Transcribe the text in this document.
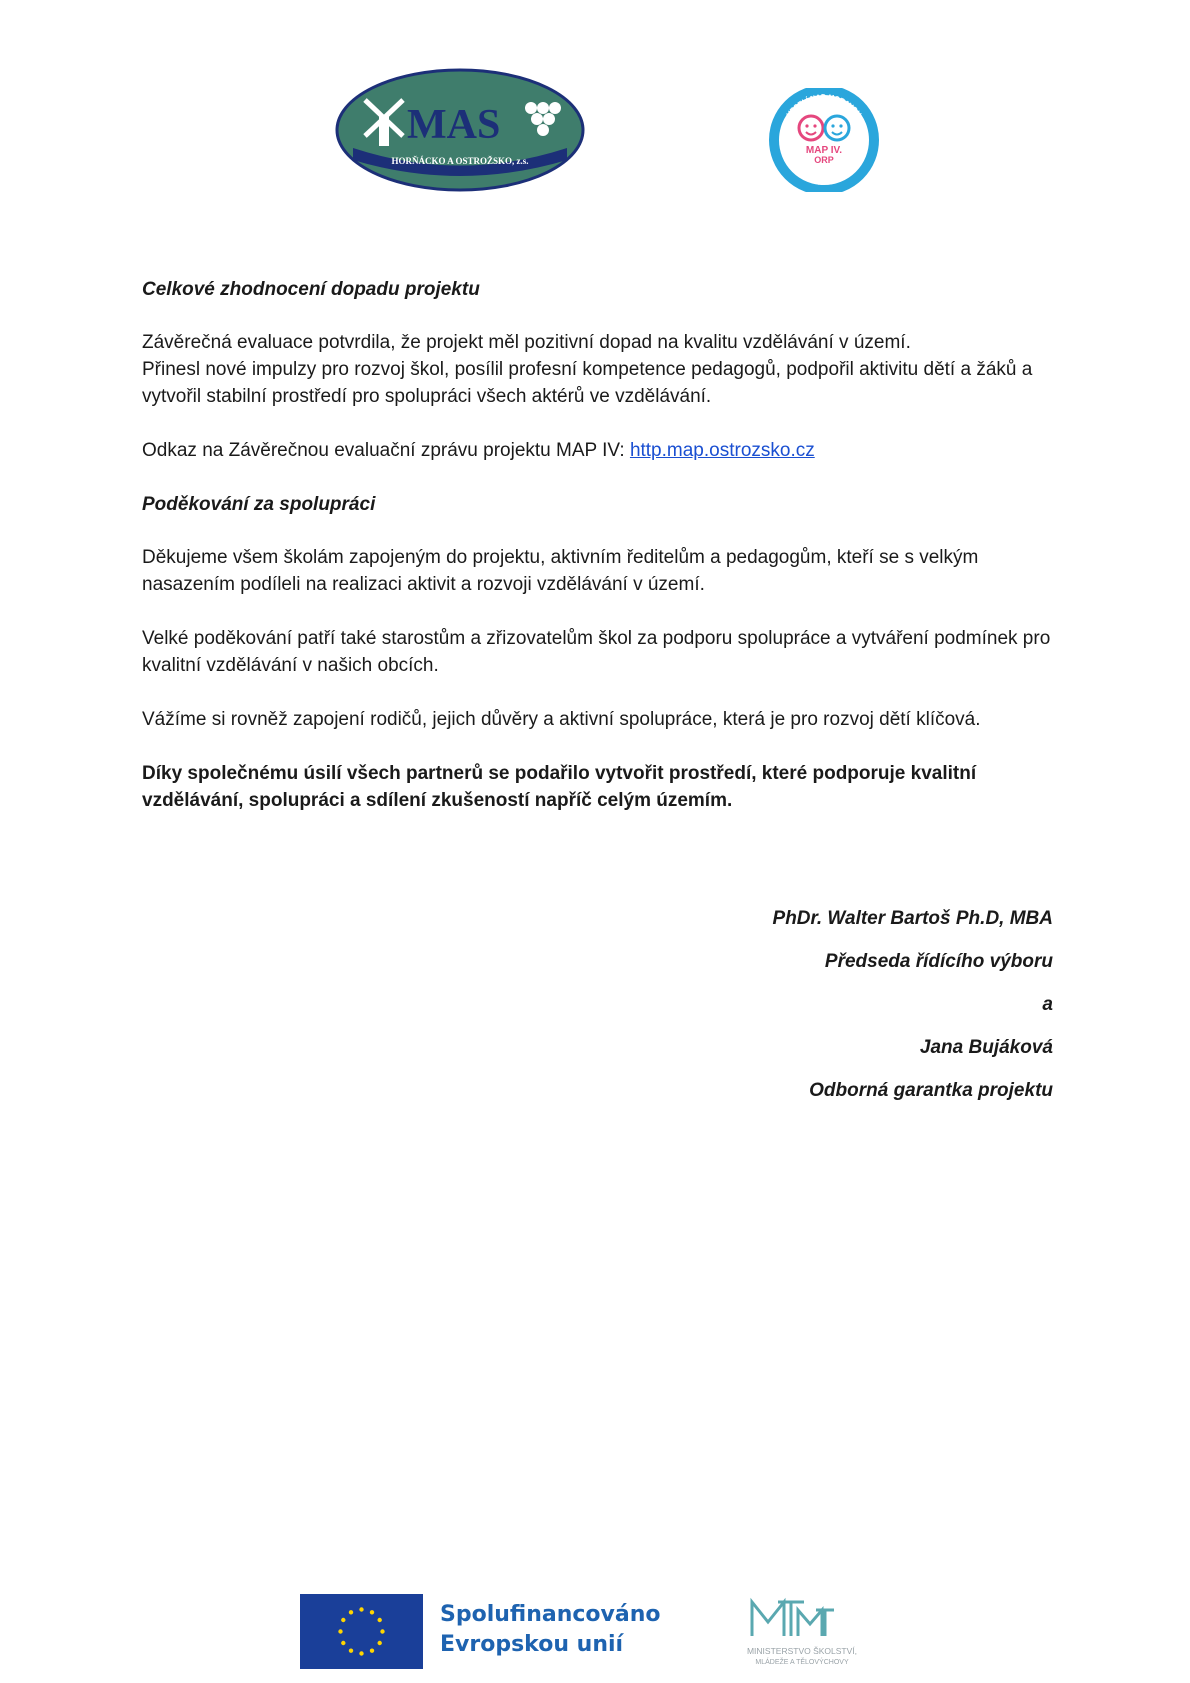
MAS
HORŇÁCKO A OSTROŽSKO, z.s.
VESELÍ NAD MORAVOU
OSTROŽSKO - KUNOVICE
MAP IV.
ORP

Celkové zhodnocení dopadu projektu

Závěrečná evaluace potvrdila, že projekt měl pozitivní dopad na kvalitu vzdělávání v území.
Přinesl nové impulzy pro rozvoj škol, posílil profesní kompetence pedagogů, podpořil aktivitu dětí a žáků a vytvořil stabilní prostředí pro spolupráci všech aktérů ve vzdělávání.

Odkaz na Závěrečnou evaluační zprávu projektu MAP IV: http.map.ostrozsko.cz

Poděkování za spolupráci

Děkujeme všem školám zapojeným do projektu, aktivním ředitelům a pedagogům, kteří se s velkým nasazením podíleli na realizaci aktivit a rozvoji vzdělávání v území.

Velké poděkování patří také starostům a zřizovatelům škol za podporu spolupráce a vytváření podmínek pro kvalitní vzdělávání v našich obcích.

Vážíme si rovněž zapojení rodičů, jejich důvěry a aktivní spolupráce, která je pro rozvoj dětí klíčová.

Díky společnému úsilí všech partnerů se podařilo vytvořit prostředí, které podporuje kvalitní vzdělávání, spolupráci a sdílení zkušeností napříč celým územím.

PhDr. Walter Bartoš Ph.D, MBA
Předseda řídícího výboru
a
Jana Bujáková
Odborná garantka projektu
Spolufinancováno
Evropskou unií	MINISTERSTVO ŠKOLSTVÍ,
MLÁDEŽE A TĚLOVÝCHOVY
